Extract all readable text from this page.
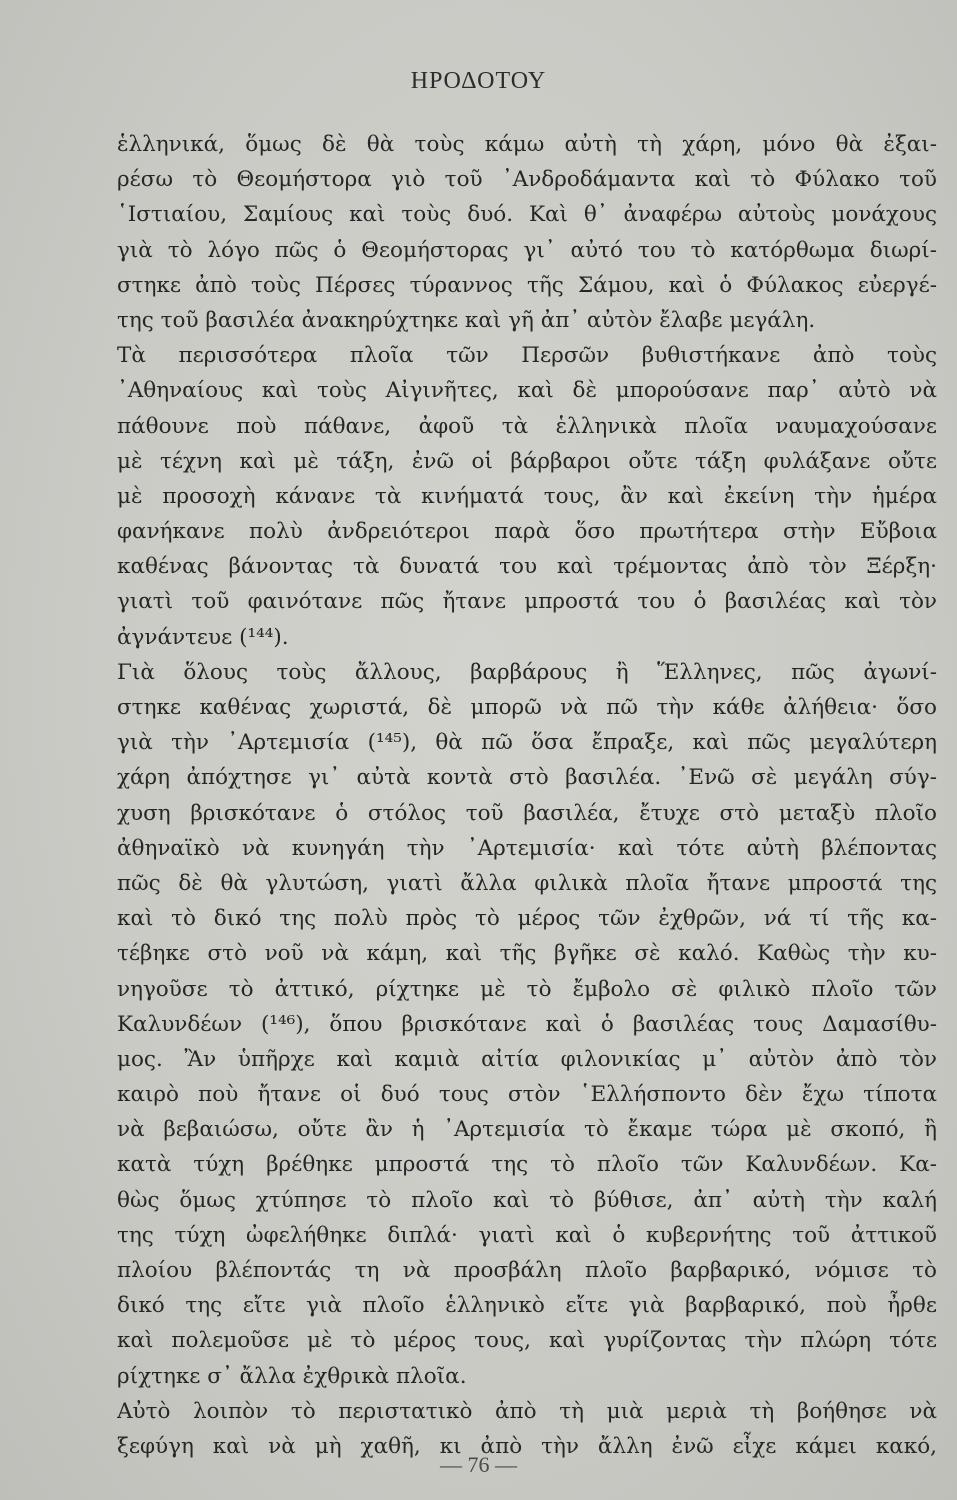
ΗΡΟΔΟΤΟΥ
ἑλληνικά, ὅμως δὲ θὰ τοὺς κάμω αὐτὴ τὴ χάρη, μόνο θὰ ἐξαι-
ρέσω τὸ Θεομήστορα γιὸ τοῦ ᾿Ανδροδάμαντα καὶ τὸ Φύλακο τοῦ
῾Ιστιαίου, Σαμίους καὶ τοὺς δυό. Καὶ θ᾿ ἀναφέρω αὐτοὺς μονάχους
γιὰ τὸ λόγο πῶς ὁ Θεομήστορας γι᾿ αὐτό του τὸ κατόρθωμα διωρί-
στηκε ἀπὸ τοὺς Πέρσες τύραννος τῆς Σάμου, καὶ ὁ Φύλακος εὐεργέ-
της τοῦ βασιλέα ἀνακηρύχτηκε καὶ γῆ ἀπ᾿ αὐτὸν ἔλαβε μεγάλη.
Τὰ περισσότερα πλοῖα τῶν Περσῶν βυθιστήκανε ἀπὸ τοὺς
᾿Αθηναίους καὶ τοὺς Αἰγινῆτες, καὶ δὲ μπορούσανε παρ᾿ αὐτὸ νὰ
πάθουνε ποὺ πάθανε, ἀφοῦ τὰ ἑλληνικὰ πλοῖα ναυμαχούσανε
μὲ τέχνη καὶ μὲ τάξη, ἐνῶ οἱ βάρβαροι οὔτε τάξη φυλάξανε οὔτε
μὲ προσοχὴ κάνανε τὰ κινήματά τους, ἂν καὶ ἐκείνη τὴν ἡμέρα
φανήκανε πολὺ ἀνδρειότεροι παρὰ ὅσο πρωτήτερα στὴν Εὔβοια
καθένας βάνοντας τὰ δυνατά του καὶ τρέμοντας ἀπὸ τὸν Ξέρξη·
γιατὶ τοῦ φαινότανε πῶς ἤτανε μπροστά του ὁ βασιλέας καὶ τὸν
ἀγνάντευε (¹⁴⁴).
Γιὰ ὅλους τοὺς ἄλλους, βαρβάρους ἢ Ἕλληνες, πῶς ἀγωνί-
στηκε καθένας χωριστά, δὲ μπορῶ νὰ πῶ τὴν κάθε ἀλήθεια· ὅσο
γιὰ τὴν ᾿Αρτεμισία (¹⁴⁵), θὰ πῶ ὅσα ἔπραξε, καὶ πῶς μεγαλύτερη
χάρη ἀπόχτησε γι᾿ αὐτὰ κοντὰ στὸ βασιλέα. ᾿Ενῶ σὲ μεγάλη σύγ-
χυση βρισκότανε ὁ στόλος τοῦ βασιλέα, ἔτυχε στὸ μεταξὺ πλοῖο
ἀθηναϊκὸ νὰ κυνηγάη τὴν ᾿Αρτεμισία· καὶ τότε αὐτὴ βλέποντας
πῶς δὲ θὰ γλυτώση, γιατὶ ἄλλα φιλικὰ πλοῖα ἤτανε μπροστά της
καὶ τὸ δικό της πολὺ πρὸς τὸ μέρος τῶν ἐχθρῶν, νά τί τῆς κα-
τέβηκε στὸ νοῦ νὰ κάμη, καὶ τῆς βγῆκε σὲ καλό. Καθὼς τὴν κυ-
νηγοῦσε τὸ ἀττικό, ρίχτηκε μὲ τὸ ἔμβολο σὲ φιλικὸ πλοῖο τῶν
Καλυνδέων (¹⁴⁶), ὅπου βρισκότανε καὶ ὁ βασιλέας τους Δαμασίθυ-
μος. Ἂν ὑπῆρχε καὶ καμιὰ αἰτία φιλονικίας μ᾿ αὐτὸν ἀπὸ τὸν
καιρὸ ποὺ ἤτανε οἱ δυό τους στὸν ῾Ελλήσποντο δὲν ἔχω τίποτα
νὰ βεβαιώσω, οὔτε ἂν ἡ ᾿Αρτεμισία τὸ ἔκαμε τώρα μὲ σκοπό, ἢ
κατὰ τύχη βρέθηκε μπροστά της τὸ πλοῖο τῶν Καλυνδέων. Κα-
θὼς ὅμως χτύπησε τὸ πλοῖο καὶ τὸ βύθισε, ἀπ᾿ αὐτὴ τὴν καλή
της τύχη ὠφελήθηκε διπλά· γιατὶ καὶ ὁ κυβερνήτης τοῦ ἀττικοῦ
πλοίου βλέποντάς τη νὰ προσβάλη πλοῖο βαρβαρικό, νόμισε τὸ
δικό της εἴτε γιὰ πλοῖο ἑλληνικὸ εἴτε γιὰ βαρβαρικό, ποὺ ἦρθε
καὶ πολεμοῦσε μὲ τὸ μέρος τους, καὶ γυρίζοντας τὴν πλώρη τότε
ρίχτηκε σ᾿ ἄλλα ἐχθρικὰ πλοῖα.
Αὐτὸ λοιπὸν τὸ περιστατικὸ ἀπὸ τὴ μιὰ μεριὰ τὴ βοήθησε νὰ
ξεφύγη καὶ νὰ μὴ χαθῆ, κι ἀπὸ τὴν ἄλλη ἐνῶ εἶχε κάμει κακό,
— 76 —
